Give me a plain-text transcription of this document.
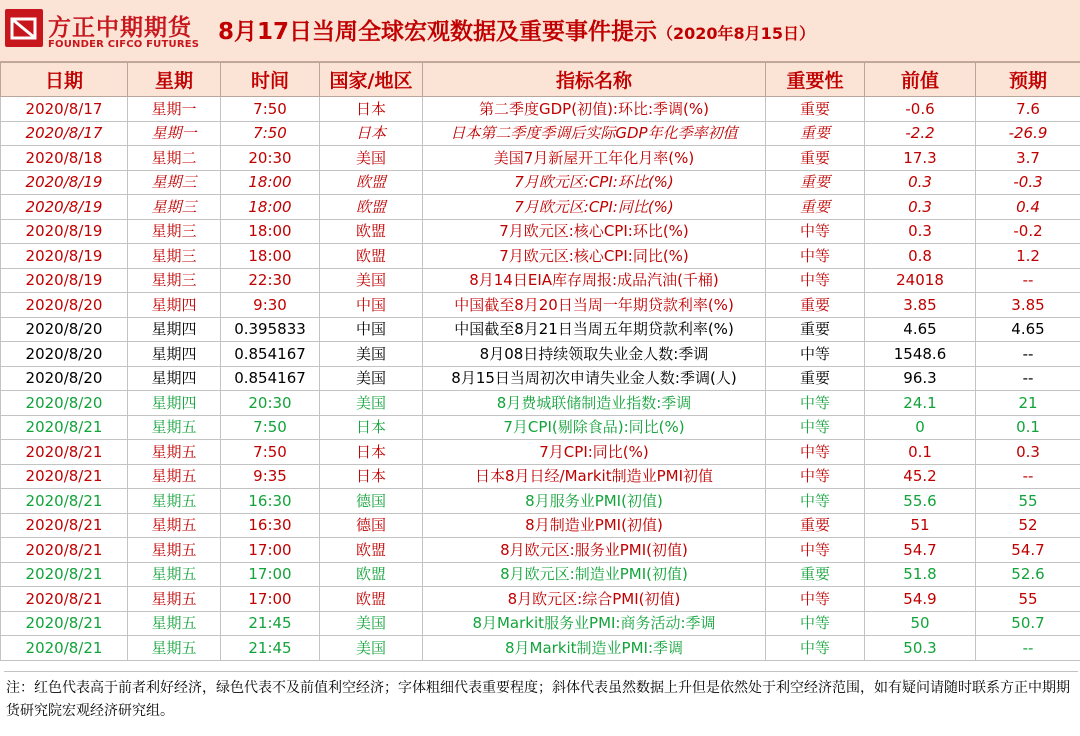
方正中期期货
FOUNDER CIFCO FUTURES 8月17日当周全球宏观数据及重要事件提示（2020年8月15日）
日期	星期	时间	国家/地区	指标名称	重要性	前值	预期
2020/8/17	星期一	7:50	日本	第二季度GDP(初值):环比:季调(%)	重要	-0.6	7.6
2020/8/17	星期一	7:50	日本	日本第二季度季调后实际GDP年化季率初值	重要	-2.2	-26.9
2020/8/18	星期二	20:30	美国	美国7月新屋开工年化月率(%)	重要	17.3	3.7
2020/8/19	星期三	18:00	欧盟	7月欧元区:CPI:环比(%)	重要	0.3	-0.3
2020/8/19	星期三	18:00	欧盟	7月欧元区:CPI:同比(%)	重要	0.3	0.4
2020/8/19	星期三	18:00	欧盟	7月欧元区:核心CPI:环比(%)	中等	0.3	-0.2
2020/8/19	星期三	18:00	欧盟	7月欧元区:核心CPI:同比(%)	中等	0.8	1.2
2020/8/19	星期三	22:30	美国	8月14日EIA库存周报:成品汽油(千桶)	中等	24018	--
2020/8/20	星期四	9:30	中国	中国截至8月20日当周一年期贷款利率(%)	重要	3.85	3.85
2020/8/20	星期四	0.395833	中国	中国截至8月21日当周五年期贷款利率(%)	重要	4.65	4.65
2020/8/20	星期四	0.854167	美国	8月08日持续领取失业金人数:季调	中等	1548.6	--
2020/8/20	星期四	0.854167	美国	8月15日当周初次申请失业金人数:季调(人)	重要	96.3	--
2020/8/20	星期四	20:30	美国	8月费城联储制造业指数:季调	中等	24.1	21
2020/8/21	星期五	7:50	日本	7月CPI(剔除食品):同比(%)	中等	0	0.1
2020/8/21	星期五	7:50	日本	7月CPI:同比(%)	中等	0.1	0.3
2020/8/21	星期五	9:35	日本	日本8月日经/Markit制造业PMI初值	中等	45.2	--
2020/8/21	星期五	16:30	德国	8月服务业PMI(初值)	中等	55.6	55
2020/8/21	星期五	16:30	德国	8月制造业PMI(初值)	重要	51	52
2020/8/21	星期五	17:00	欧盟	8月欧元区:服务业PMI(初值)	中等	54.7	54.7
2020/8/21	星期五	17:00	欧盟	8月欧元区:制造业PMI(初值)	重要	51.8	52.6
2020/8/21	星期五	17:00	欧盟	8月欧元区:综合PMI(初值)	中等	54.9	55
2020/8/21	星期五	21:45	美国	8月Markit服务业PMI:商务活动:季调	中等	50	50.7
2020/8/21	星期五	21:45	美国	8月Markit制造业PMI:季调	中等	50.3	--
注：红色代表高于前者利好经济，绿色代表不及前值利空经济；字体粗细代表重要程度；斜体代表虽然数据上升但是依然处于利空经济范围，如有疑问请随时联系方正中期期货研究院宏观经济研究组。
